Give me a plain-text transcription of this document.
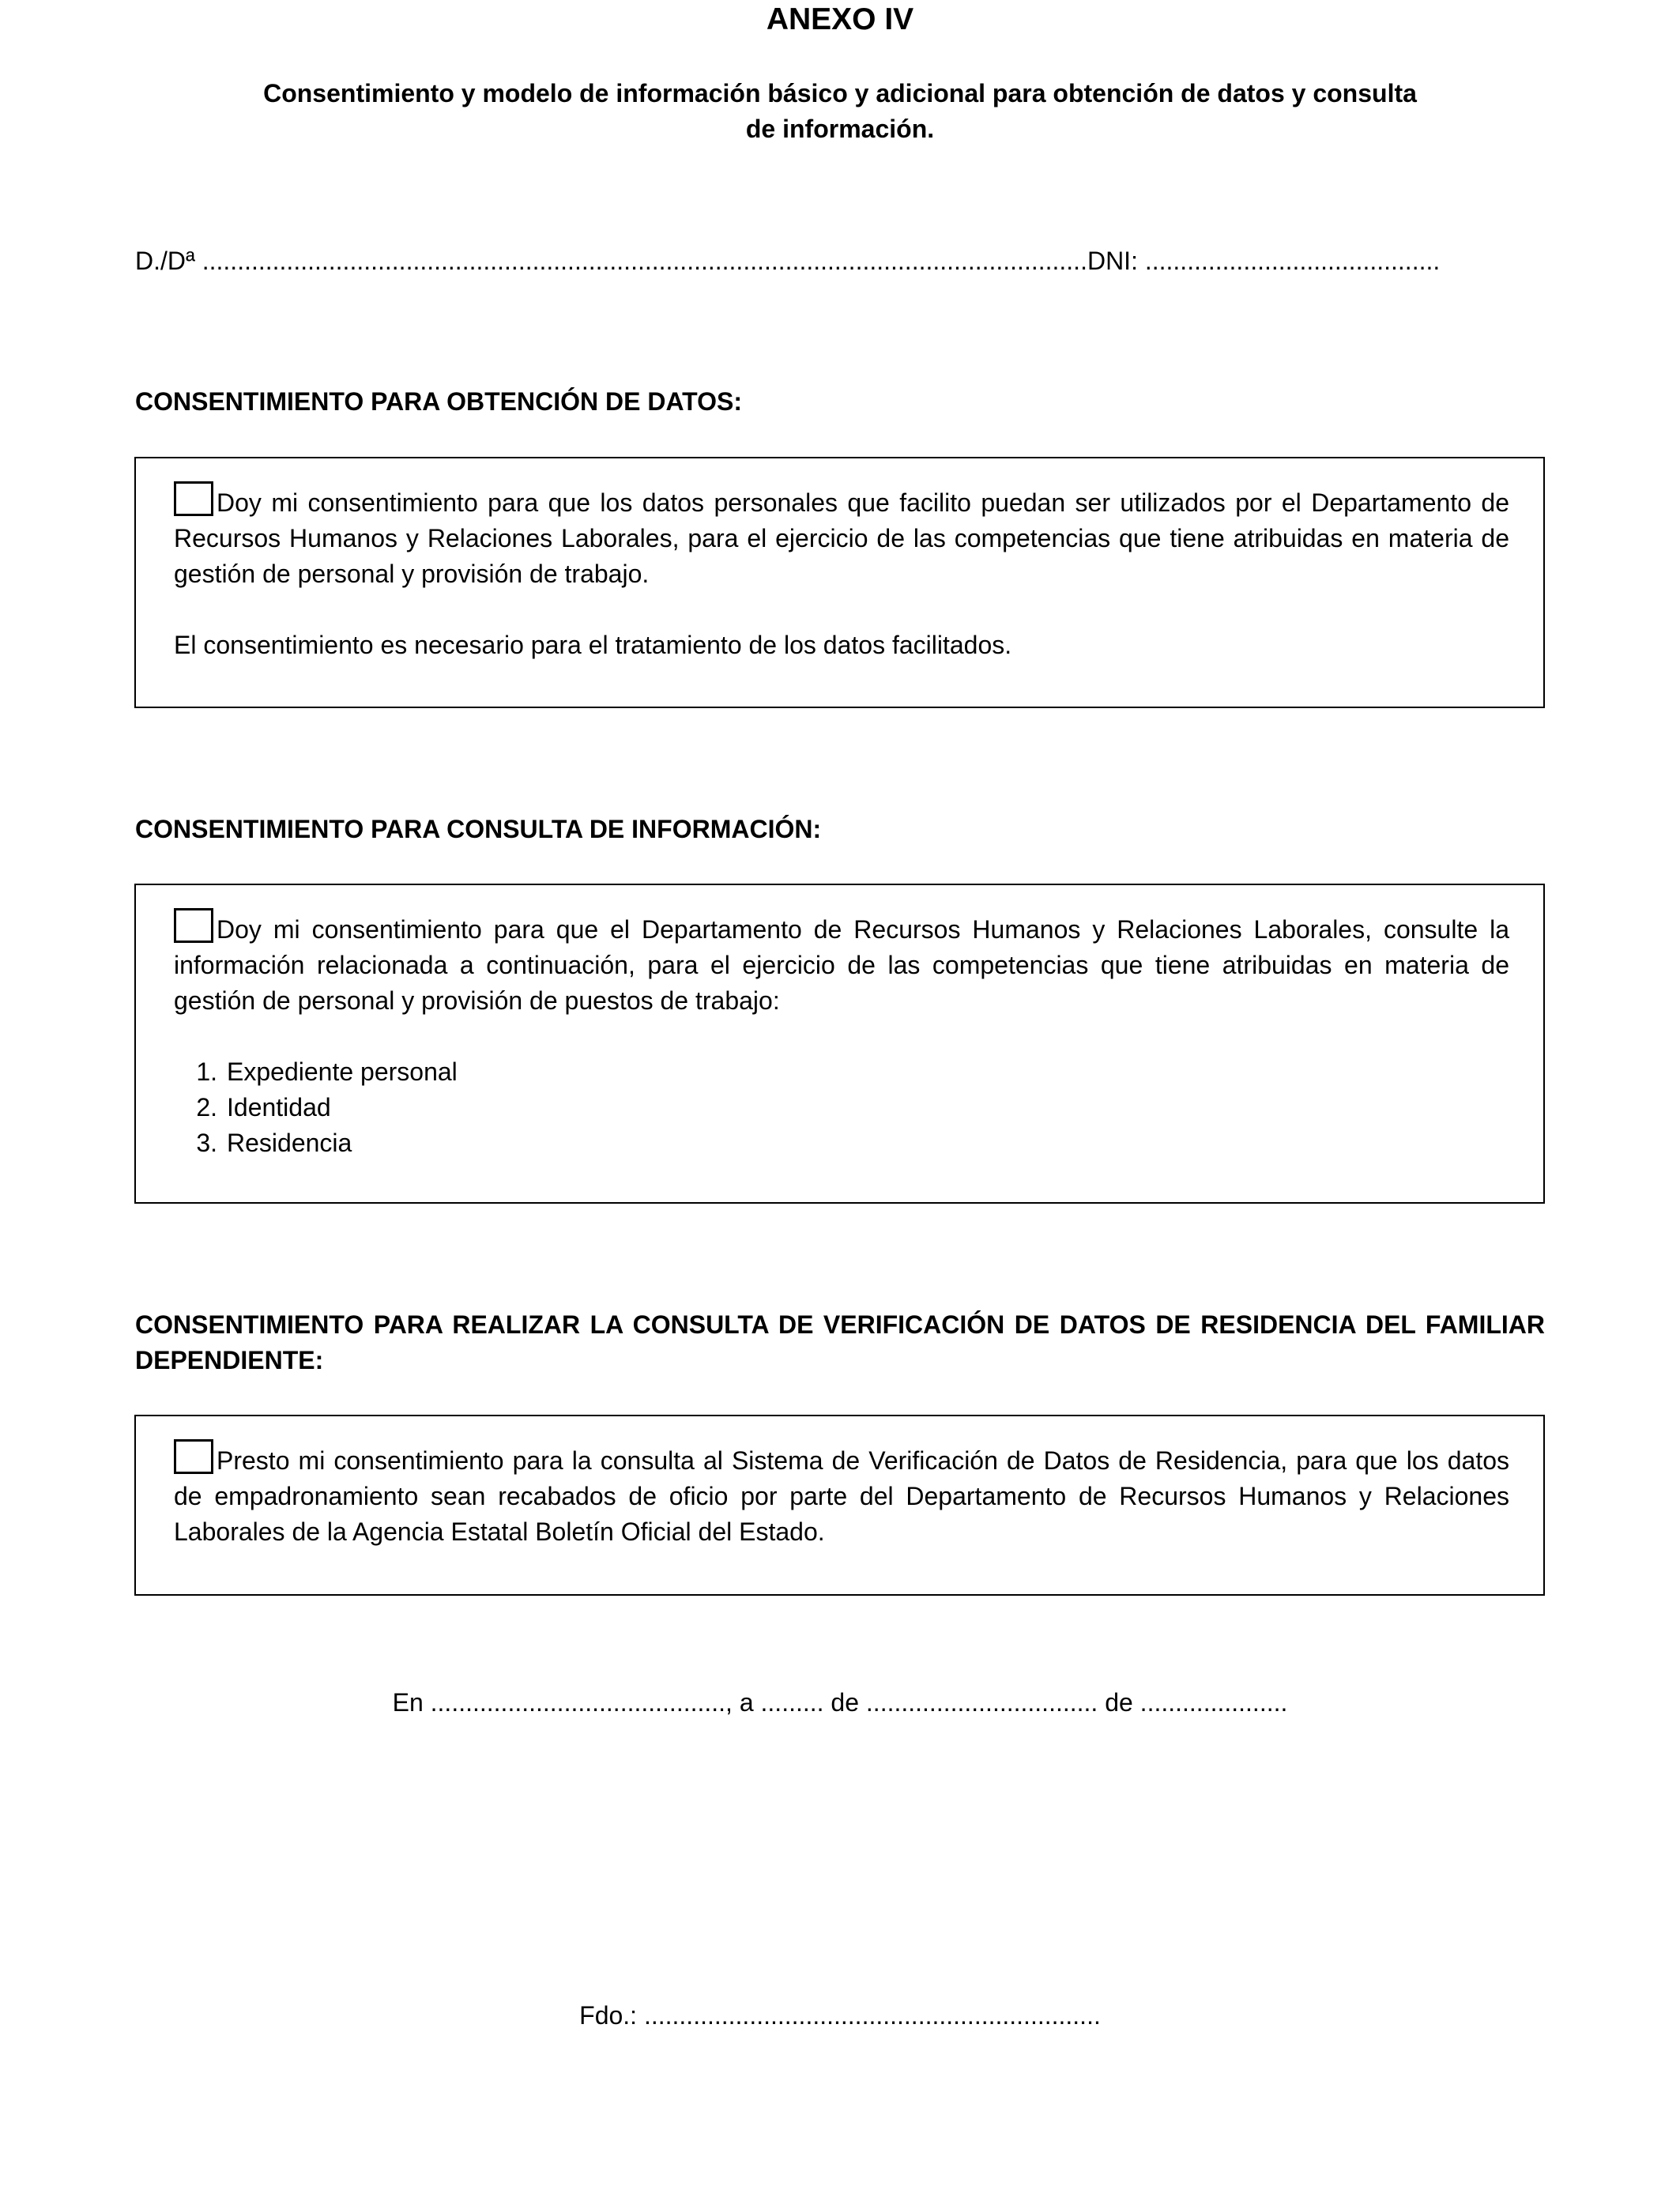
ANEXO IV
Consentimiento y modelo de información básico y adicional para obtención de datos y consulta
de información.
D./Dª ..............................................................................................................................DNI: ..........................................
CONSENTIMIENTO PARA OBTENCIÓN DE DATOS:

Doy mi consentimiento para que los datos personales que facilito puedan ser utilizados por el Departamento de Recursos Humanos y Relaciones Laborales, para el ejercicio de las competencias que tiene atribuidas en materia de gestión de personal y provisión de trabajo.

El consentimiento es necesario para el tratamiento de los datos facilitados.

CONSENTIMIENTO PARA CONSULTA DE INFORMACIÓN:

Doy mi consentimiento para que el Departamento de Recursos Humanos y Relaciones Laborales, consulte la información relacionada a continuación, para el ejercicio de las competencias que tiene atribuidas en materia de gestión de personal y provisión de puestos de trabajo:

1. Expediente personal
2. Identidad
3. Residencia
CONSENTIMIENTO PARA REALIZAR LA CONSULTA DE VERIFICACIÓN DE DATOS DE RESIDENCIA DEL FAMILIAR DEPENDIENTE:

Presto mi consentimiento para la consulta al Sistema de Verificación de Datos de Residencia, para que los datos de empadronamiento sean recabados de oficio por parte del Departamento de Recursos Humanos y Relaciones Laborales de la Agencia Estatal Boletín Oficial del Estado.

En .........................................., a ......... de ................................. de .....................
Fdo.: .................................................................
